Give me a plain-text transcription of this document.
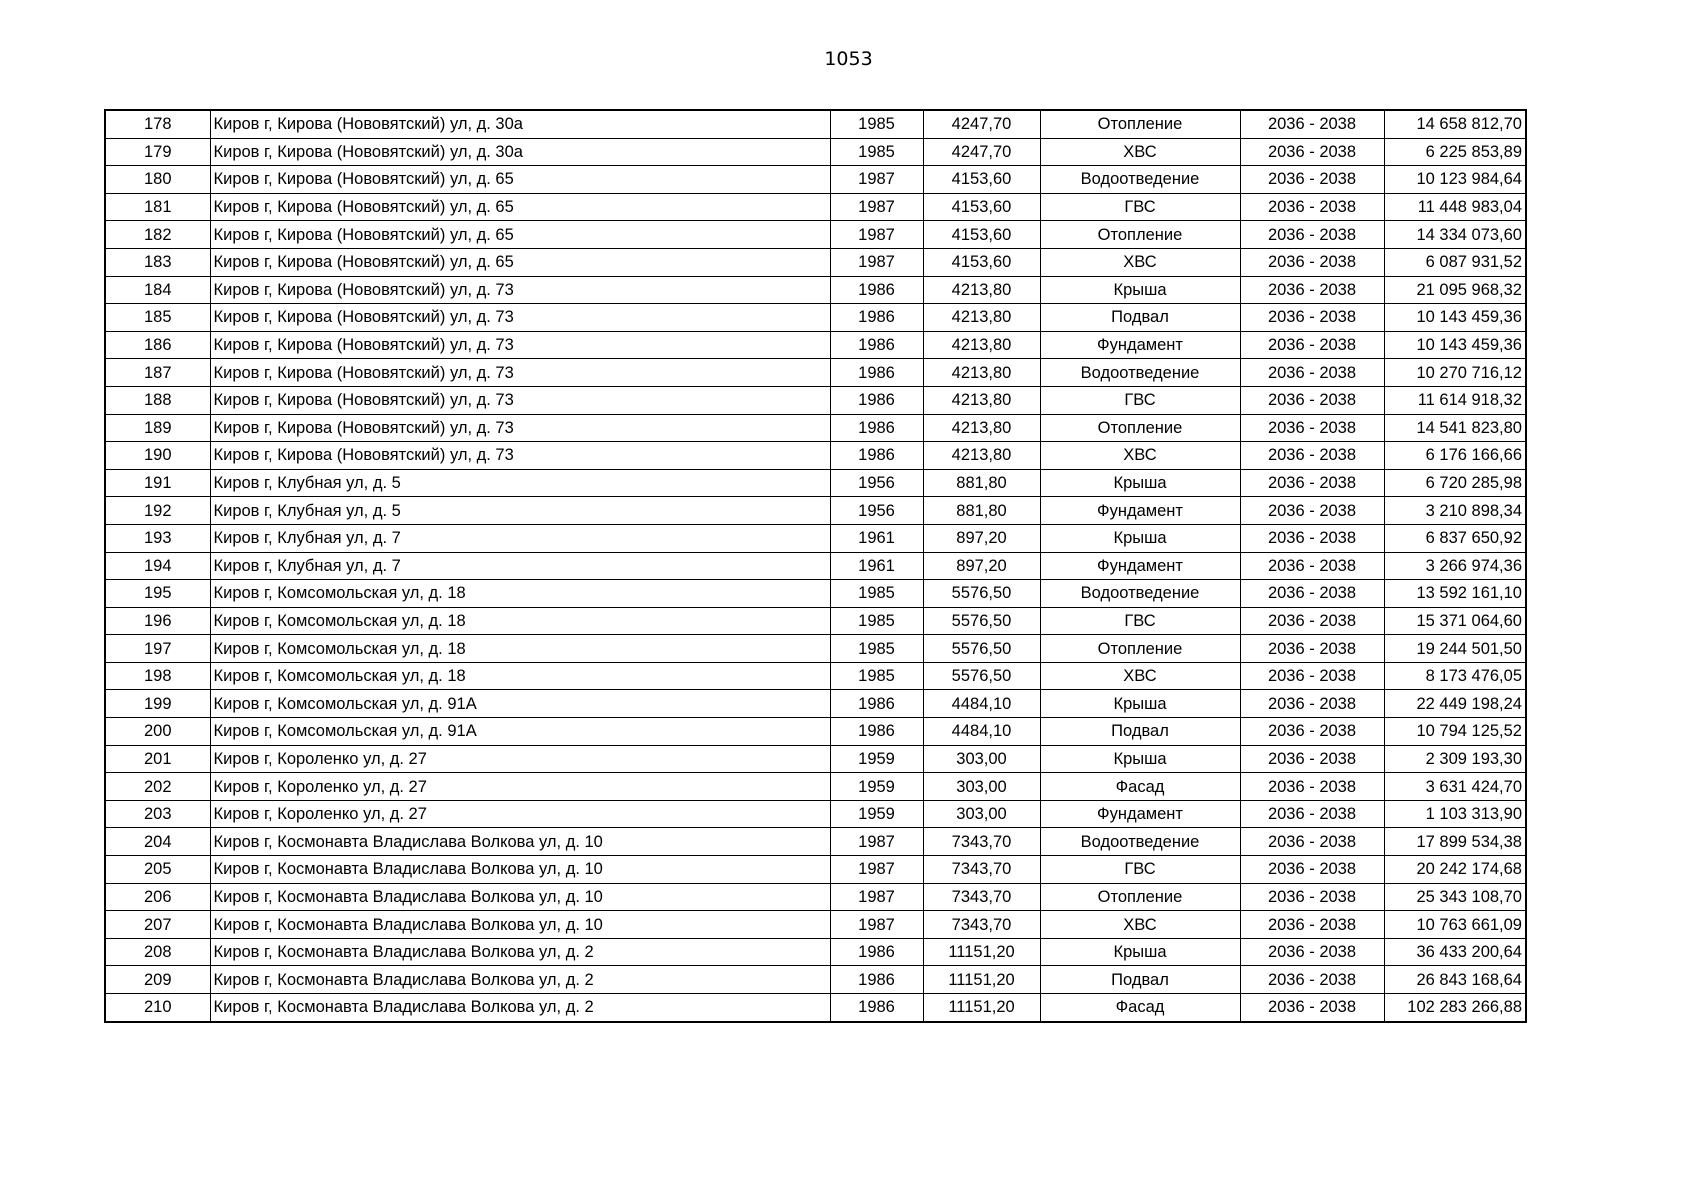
1053
178	Киров г, Кирова (Нововятский) ул, д. 30а	1985	4247,70	Отопление	2036 - 2038	14 658 812,70
179	Киров г, Кирова (Нововятский) ул, д. 30а	1985	4247,70	ХВС	2036 - 2038	6 225 853,89
180	Киров г, Кирова (Нововятский) ул, д. 65	1987	4153,60	Водоотведение	2036 - 2038	10 123 984,64
181	Киров г, Кирова (Нововятский) ул, д. 65	1987	4153,60	ГВС	2036 - 2038	11 448 983,04
182	Киров г, Кирова (Нововятский) ул, д. 65	1987	4153,60	Отопление	2036 - 2038	14 334 073,60
183	Киров г, Кирова (Нововятский) ул, д. 65	1987	4153,60	ХВС	2036 - 2038	6 087 931,52
184	Киров г, Кирова (Нововятский) ул, д. 73	1986	4213,80	Крыша	2036 - 2038	21 095 968,32
185	Киров г, Кирова (Нововятский) ул, д. 73	1986	4213,80	Подвал	2036 - 2038	10 143 459,36
186	Киров г, Кирова (Нововятский) ул, д. 73	1986	4213,80	Фундамент	2036 - 2038	10 143 459,36
187	Киров г, Кирова (Нововятский) ул, д. 73	1986	4213,80	Водоотведение	2036 - 2038	10 270 716,12
188	Киров г, Кирова (Нововятский) ул, д. 73	1986	4213,80	ГВС	2036 - 2038	11 614 918,32
189	Киров г, Кирова (Нововятский) ул, д. 73	1986	4213,80	Отопление	2036 - 2038	14 541 823,80
190	Киров г, Кирова (Нововятский) ул, д. 73	1986	4213,80	ХВС	2036 - 2038	6 176 166,66
191	Киров г, Клубная ул, д. 5	1956	881,80	Крыша	2036 - 2038	6 720 285,98
192	Киров г, Клубная ул, д. 5	1956	881,80	Фундамент	2036 - 2038	3 210 898,34
193	Киров г, Клубная ул, д. 7	1961	897,20	Крыша	2036 - 2038	6 837 650,92
194	Киров г, Клубная ул, д. 7	1961	897,20	Фундамент	2036 - 2038	3 266 974,36
195	Киров г, Комсомольская ул, д. 18	1985	5576,50	Водоотведение	2036 - 2038	13 592 161,10
196	Киров г, Комсомольская ул, д. 18	1985	5576,50	ГВС	2036 - 2038	15 371 064,60
197	Киров г, Комсомольская ул, д. 18	1985	5576,50	Отопление	2036 - 2038	19 244 501,50
198	Киров г, Комсомольская ул, д. 18	1985	5576,50	ХВС	2036 - 2038	8 173 476,05
199	Киров г, Комсомольская ул, д. 91А	1986	4484,10	Крыша	2036 - 2038	22 449 198,24
200	Киров г, Комсомольская ул, д. 91А	1986	4484,10	Подвал	2036 - 2038	10 794 125,52
201	Киров г, Короленко ул, д. 27	1959	303,00	Крыша	2036 - 2038	2 309 193,30
202	Киров г, Короленко ул, д. 27	1959	303,00	Фасад	2036 - 2038	3 631 424,70
203	Киров г, Короленко ул, д. 27	1959	303,00	Фундамент	2036 - 2038	1 103 313,90
204	Киров г, Космонавта Владислава Волкова ул, д. 10	1987	7343,70	Водоотведение	2036 - 2038	17 899 534,38
205	Киров г, Космонавта Владислава Волкова ул, д. 10	1987	7343,70	ГВС	2036 - 2038	20 242 174,68
206	Киров г, Космонавта Владислава Волкова ул, д. 10	1987	7343,70	Отопление	2036 - 2038	25 343 108,70
207	Киров г, Космонавта Владислава Волкова ул, д. 10	1987	7343,70	ХВС	2036 - 2038	10 763 661,09
208	Киров г, Космонавта Владислава Волкова ул, д. 2	1986	11151,20	Крыша	2036 - 2038	36 433 200,64
209	Киров г, Космонавта Владислава Волкова ул, д. 2	1986	11151,20	Подвал	2036 - 2038	26 843 168,64
210	Киров г, Космонавта Владислава Волкова ул, д. 2	1986	11151,20	Фасад	2036 - 2038	102 283 266,88
